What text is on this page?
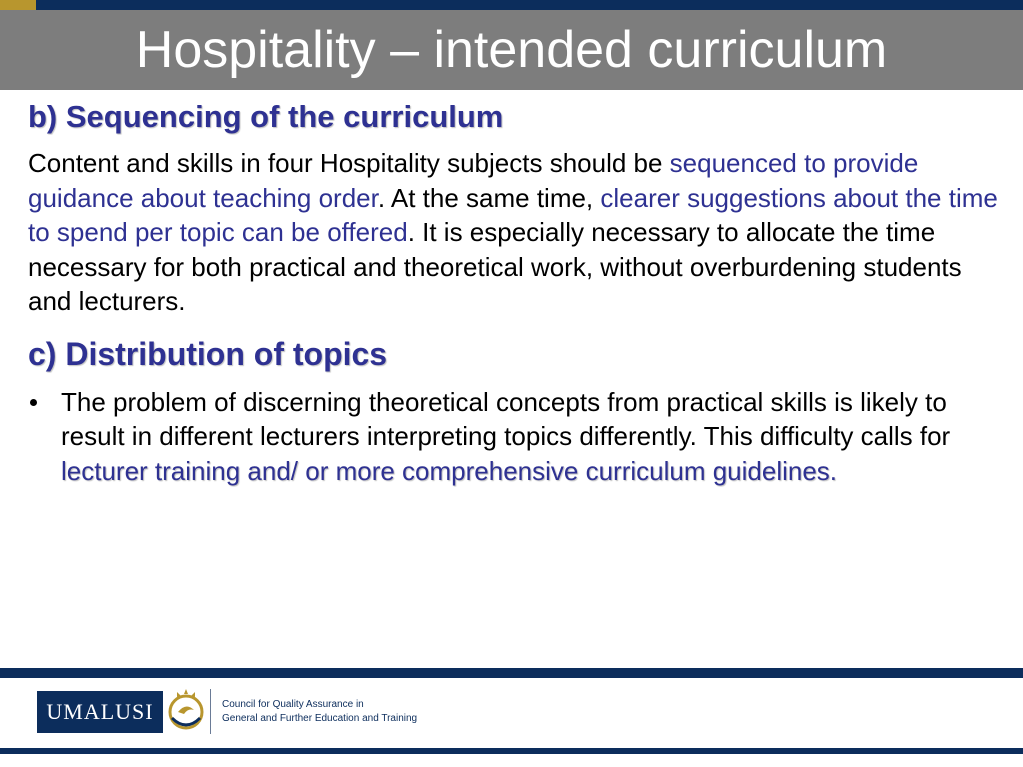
Hospitality – intended curriculum
b) Sequencing of the curriculum

Content and skills in four Hospitality subjects should be sequenced to provide guidance about teaching order. At the same time, clearer suggestions about the time to spend per topic can be offered. It is especially necessary to allocate the time necessary for both practical and theoretical work, without overburdening students and lecturers.

c) Distribution of topics
The problem of discerning theoretical concepts from practical skills is likely to result in different lecturers interpreting topics differently. This difficulty calls for lecturer training and/ or more comprehensive curriculum guidelines.
UMALUSI	Council for Quality Assurance in
General and Further Education and Training
